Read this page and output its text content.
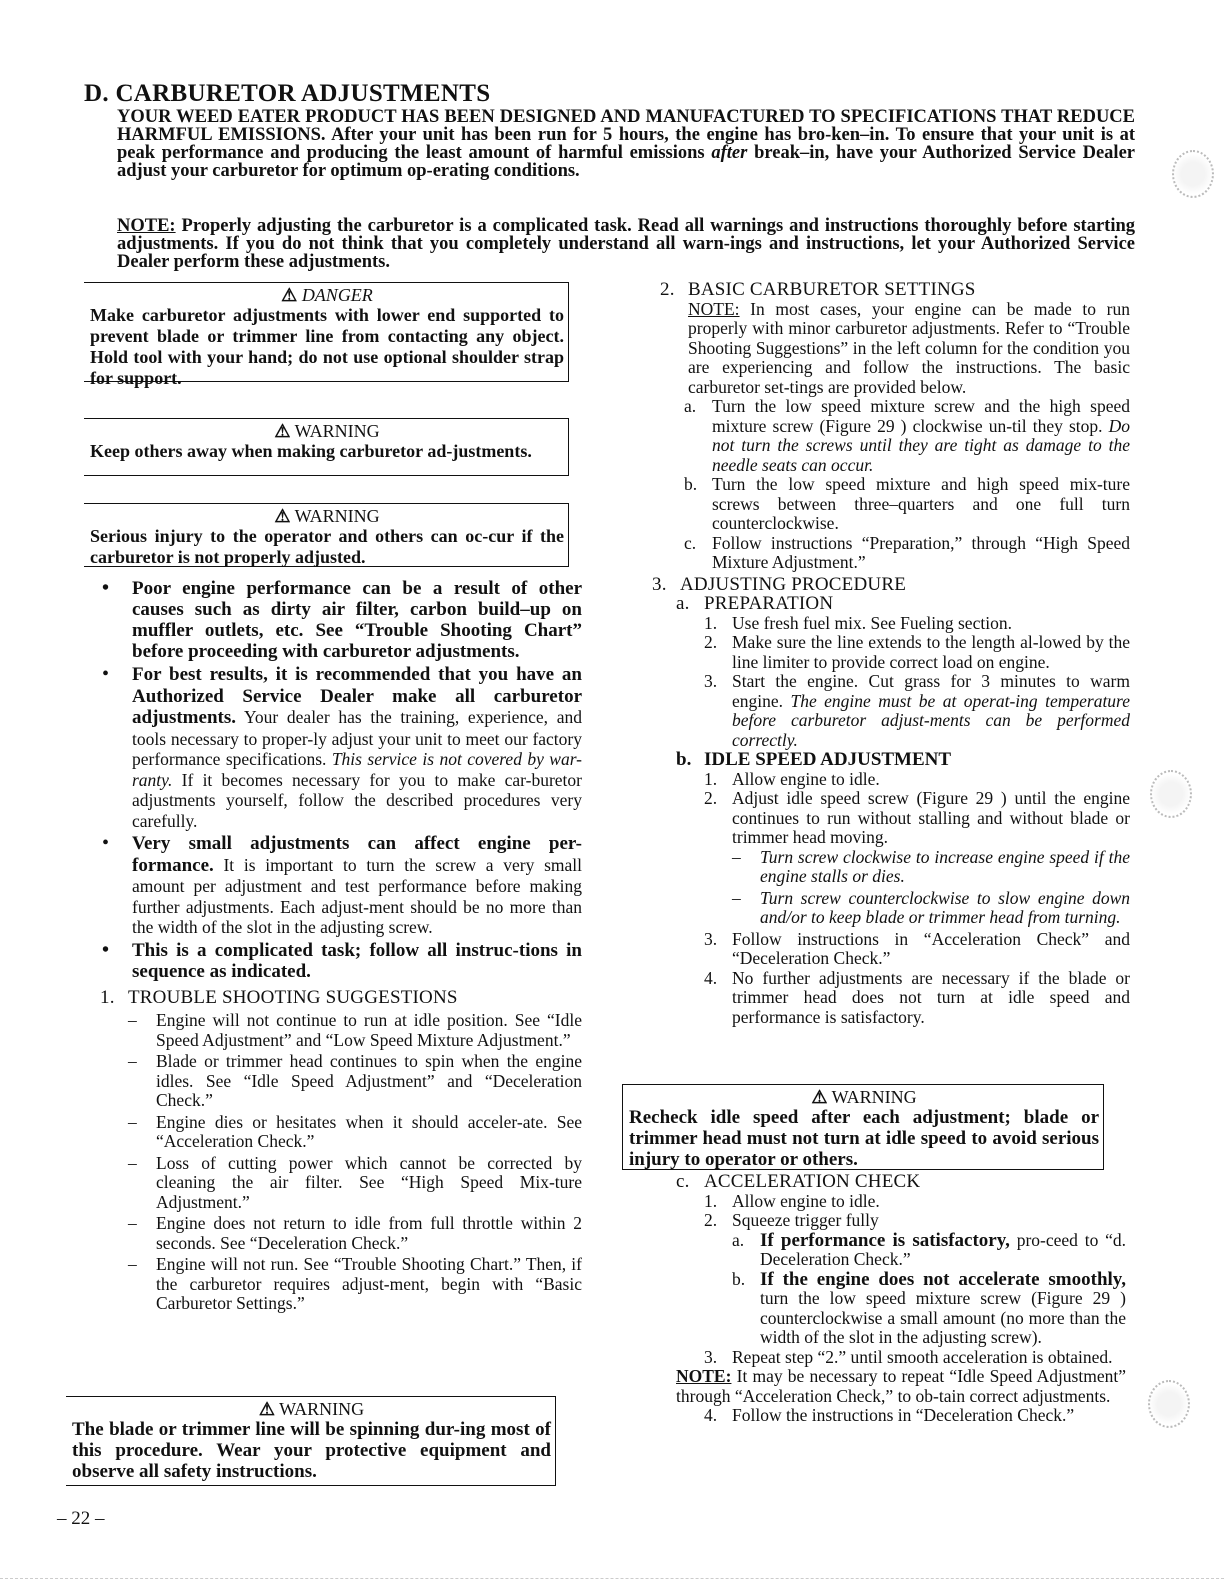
D. CARBURETOR ADJUSTMENTS
YOUR WEED EATER PRODUCT HAS BEEN DESIGNED AND MANUFACTURED TO SPECIFICATIONS THAT REDUCE HARMFUL EMISSIONS. After your unit has been run for 5 hours, the engine has bro-ken–in. To ensure that your unit is at peak performance and producing the least amount of harmful emissions after break–in, have your Authorized Service Dealer adjust your carburetor for optimum op-erating conditions.
NOTE: Properly adjusting the carburetor is a complicated task. Read all warnings and instructions thoroughly before starting adjustments. If you do not think that you completely understand all warn-ings and instructions, let your Authorized Service Dealer perform these adjustments.
⚠ DANGER
Make carburetor adjustments with lower end supported to prevent blade or trimmer line from contacting any object. Hold tool with your hand; do not use optional shoulder strap for support.
⚠ WARNING
Keep others away when making carburetor ad-justments.
⚠ WARNING
Serious injury to the operator and others can oc-cur if the carburetor is not properly adjusted.
• Poor engine performance can be a result of other causes such as dirty air filter, carbon build–up on muffler outlets, etc. See “Trouble Shooting Chart” before proceeding with carburetor adjustments.
• For best results, it is recommended that you have an Authorized Service Dealer make all carburetor adjustments. Your dealer has the training, experience, and tools necessary to proper-ly adjust your unit to meet our factory performance specifications. This service is not covered by war-ranty. If it becomes necessary for you to make car-buretor adjustments yourself, follow the described procedures very carefully.
• Very small adjustments can affect engine per-formance. It is important to turn the screw a very small amount per adjustment and test performance before making further adjustments. Each adjust-ment should be no more than the width of the slot in the adjusting screw.
• This is a complicated task; follow all instruc-tions in sequence as indicated.
1. TROUBLE SHOOTING SUGGESTIONS
– Engine will not continue to run at idle position. See “Idle Speed Adjustment” and “Low Speed Mixture Adjustment.”
– Blade or trimmer head continues to spin when the engine idles. See “Idle Speed Adjustment” and “Deceleration Check.”
– Engine dies or hesitates when it should acceler-ate. See “Acceleration Check.”
– Loss of cutting power which cannot be corrected by cleaning the air filter. See “High Speed Mix-ture Adjustment.”
– Engine does not return to idle from full throttle within 2 seconds. See “Deceleration Check.”
– Engine will not run. See “Trouble Shooting Chart.” Then, if the carburetor requires adjust-ment, begin with “Basic Carburetor Settings.”
⚠ WARNING
The blade or trimmer line will be spinning dur-ing most of this procedure. Wear your protective equipment and observe all safety instructions.
2. BASIC CARBURETOR SETTINGS
NOTE: In most cases, your engine can be made to run properly with minor carburetor adjustments. Refer to “Trouble Shooting Suggestions” in the left column for the condition you are experiencing and follow the instructions. The basic carburetor set-tings are provided below.
a. Turn the low speed mixture screw and the high speed mixture screw (Figure 29 ) clockwise un-til they stop. Do not turn the screws until they are tight as damage to the needle seats can occur.
b. Turn the low speed mixture and high speed mix-ture screws between three–quarters and one full turn counterclockwise.
c. Follow instructions “Preparation,” through “High Speed Mixture Adjustment.”
3. ADJUSTING PROCEDURE
a. PREPARATION
1. Use fresh fuel mix. See Fueling section.
2. Make sure the line extends to the length al-lowed by the line limiter to provide correct load on engine.
3. Start the engine. Cut grass for 3 minutes to warm engine. The engine must be at operat-ing temperature before carburetor adjust-ments can be performed correctly.
b. IDLE SPEED ADJUSTMENT
1. Allow engine to idle.
2. Adjust idle speed screw (Figure 29 ) until the engine continues to run without stalling and without blade or trimmer head moving.
– Turn screw clockwise to increase engine speed if the engine stalls or dies.
– Turn screw counterclockwise to slow engine down and/or to keep blade or trimmer head from turning.
3. Follow instructions in “Acceleration Check” and “Deceleration Check.”
4. No further adjustments are necessary if the blade or trimmer head does not turn at idle speed and performance is satisfactory.
⚠ WARNING
Recheck idle speed after each adjustment; blade or trimmer head must not turn at idle speed to avoid serious injury to operator or others.
c. ACCELERATION CHECK
1. Allow engine to idle.
2. Squeeze trigger fully
a. If performance is satisfactory, pro-ceed to “d. Deceleration Check.”
b. If the engine does not accelerate smoothly, turn the low speed mixture screw (Figure 29 ) counterclockwise a small amount (no more than the width of the slot in the adjusting screw).
3. Repeat step “2.” until smooth acceleration is obtained.
NOTE: It may be necessary to repeat “Idle Speed Adjustment” through “Acceleration Check,” to ob-tain correct adjustments.
4. Follow the instructions in “Deceleration Check.”
– 22 –
